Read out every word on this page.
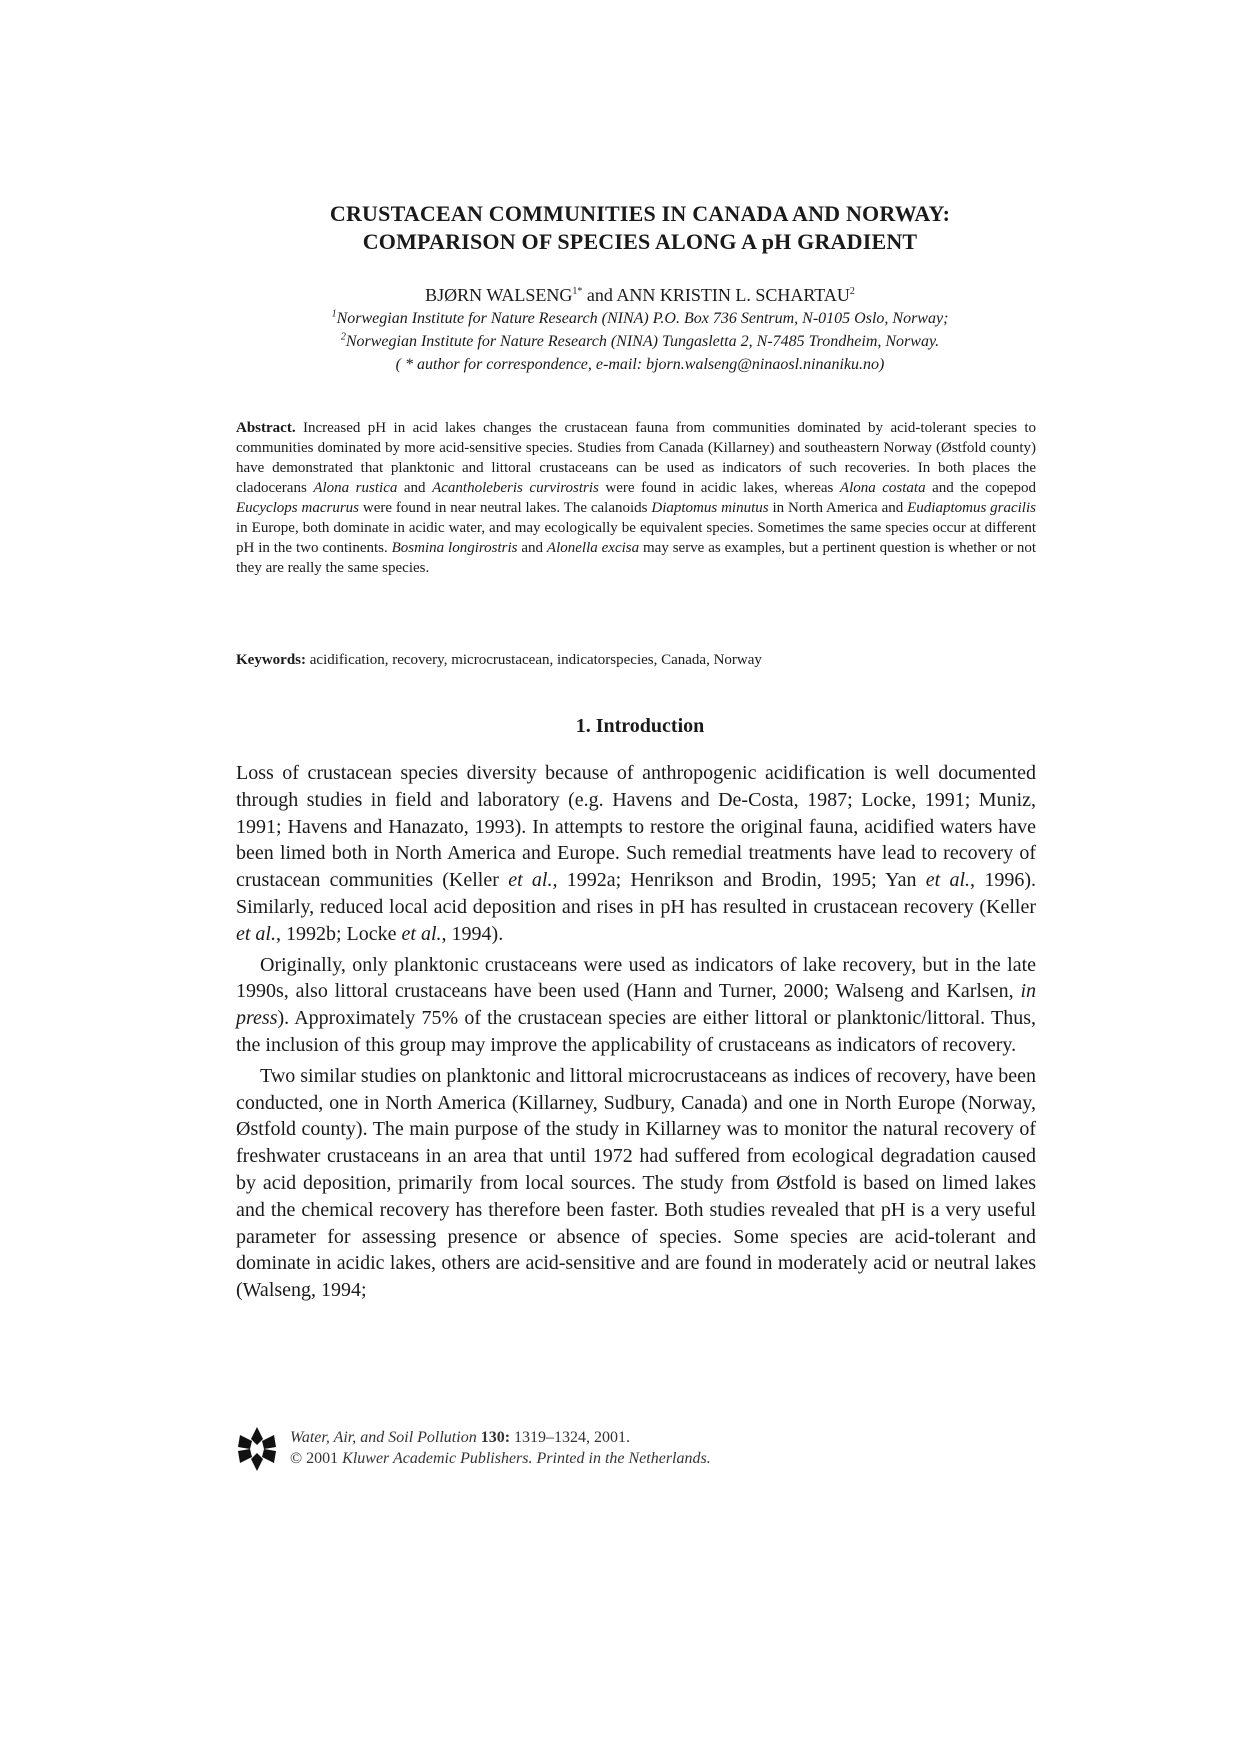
CRUSTACEAN COMMUNITIES IN CANADA AND NORWAY:
COMPARISON OF SPECIES ALONG A pH GRADIENT
BJØRN $WALSENG^{1*}$ and ANN KRISTIN L. SCHARTAU$^2$
$^1$Norwegian Institute for Nature Research (NINA) P.O. Box 736 Sentrum, N-0105 Oslo, Norway;
$^2$Norwegian Institute for Nature Research (NINA) Tungasletta 2, N-7485 Trondheim, Norway.
( * author for correspondence, e-mail: bjorn.walseng@ninaosl.ninaniku.no)
Abstract. Increased pH in acid lakes changes the crustacean fauna from communities dominated by acid-tolerant species to communities dominated by more acid-sensitive species. Studies from Canada (Killarney) and southeastern Norway (Østfold county) have demonstrated that planktonic and littoral crustaceans can be used as indicators of such recoveries. In both places the cladocerans Alona rustica and Acantholeberis curvirostris were found in acidic lakes, whereas Alona costata and the copepod Eucyclops macrurus were found in near neutral lakes. The calanoids Diaptomus minutus in North America and Eudiaptomus gracilis in Europe, both dominate in acidic water, and may ecologically be equivalent species. Sometimes the same species occur at different pH in the two continents. Bosmina longirostris and Alonella excisa may serve as examples, but a pertinent question is whether or not they are really the same species.
Keywords: acidification, recovery, microcrustacean, indicatorspecies, Canada, Norway
1. Introduction

Loss of crustacean species diversity because of anthropogenic acidification is well documented through studies in field and laboratory (e.g. Havens and De-Costa, 1987; Locke, 1991; Muniz, 1991; Havens and Hanazato, 1993). In attempts to restore the original fauna, acidified waters have been limed both in North America and Europe. Such remedial treatments have lead to recovery of crustacean communities (Keller et al., 1992a; Henrikson and Brodin, 1995; Yan et al., 1996). Similarly, reduced local acid deposition and rises in pH has resulted in crustacean recovery (Keller et al., 1992b; Locke et al., 1994).

Originally, only planktonic crustaceans were used as indicators of lake recovery, but in the late 1990s, also littoral crustaceans have been used (Hann and Turner, 2000; Walseng and Karlsen, in press). Approximately 75% of the crustacean species are either littoral or planktonic/littoral. Thus, the inclusion of this group may improve the applicability of crustaceans as indicators of recovery.

Two similar studies on planktonic and littoral microcrustaceans as indices of recovery, have been conducted, one in North America (Killarney, Sudbury, Canada) and one in North Europe (Norway, Østfold county). The main purpose of the study in Killarney was to monitor the natural recovery of freshwater crustaceans in an area that until 1972 had suffered from ecological degradation caused by acid deposition, primarily from local sources. The study from Østfold is based on limed lakes and the chemical recovery has therefore been faster. Both studies revealed that pH is a very useful parameter for assessing presence or absence of species. Some species are acid-tolerant and dominate in acidic lakes, others are acid-sensitive and are found in moderately acid or neutral lakes (Walseng, 1994;

Water, Air, and Soil Pollution 130: 1319–1324, 2001.
© 2001 Kluwer Academic Publishers. Printed in the Netherlands.
